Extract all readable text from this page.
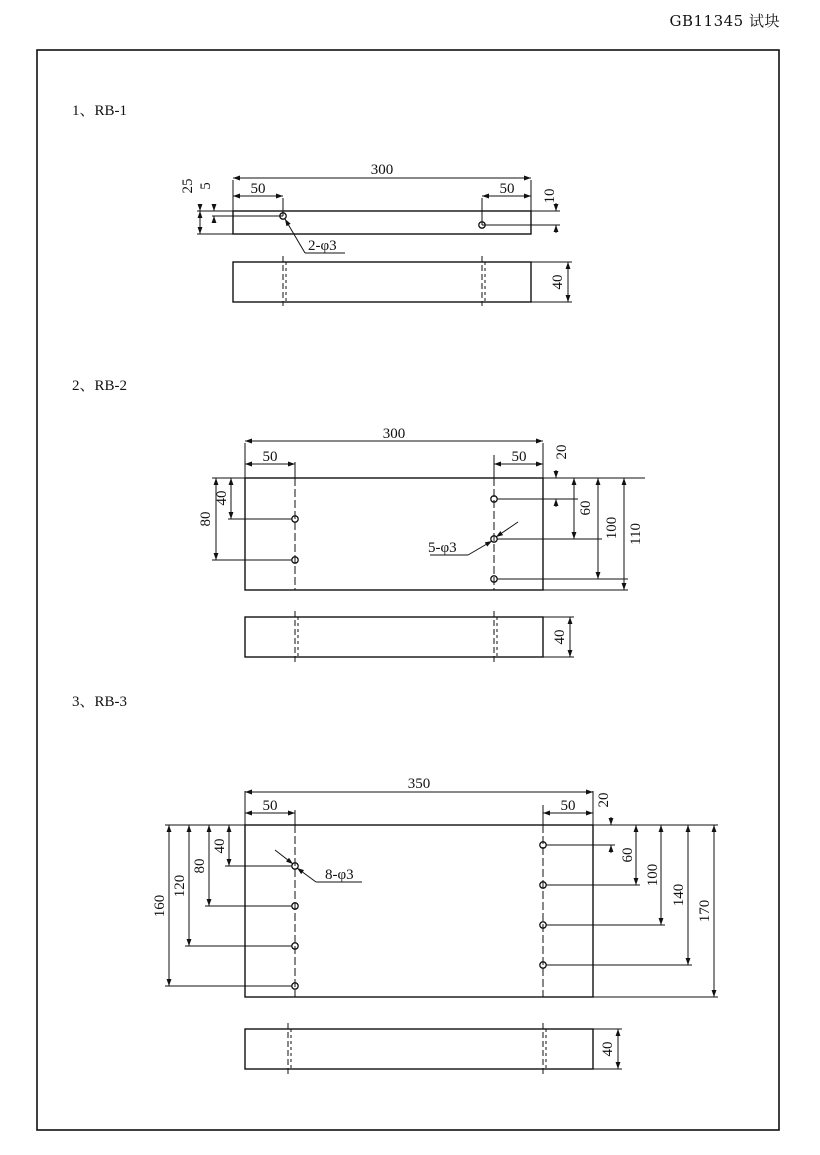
GB11345 试块
1、RB-1
300
50	50
25 5
10
2-φ3
40
2、RB-2
300
50	50 20
40
80
60
100 110
5-φ3
40
3、RB-3
350
50	50 20
40
80
120
160
60
100
140
170
8-φ3
40
